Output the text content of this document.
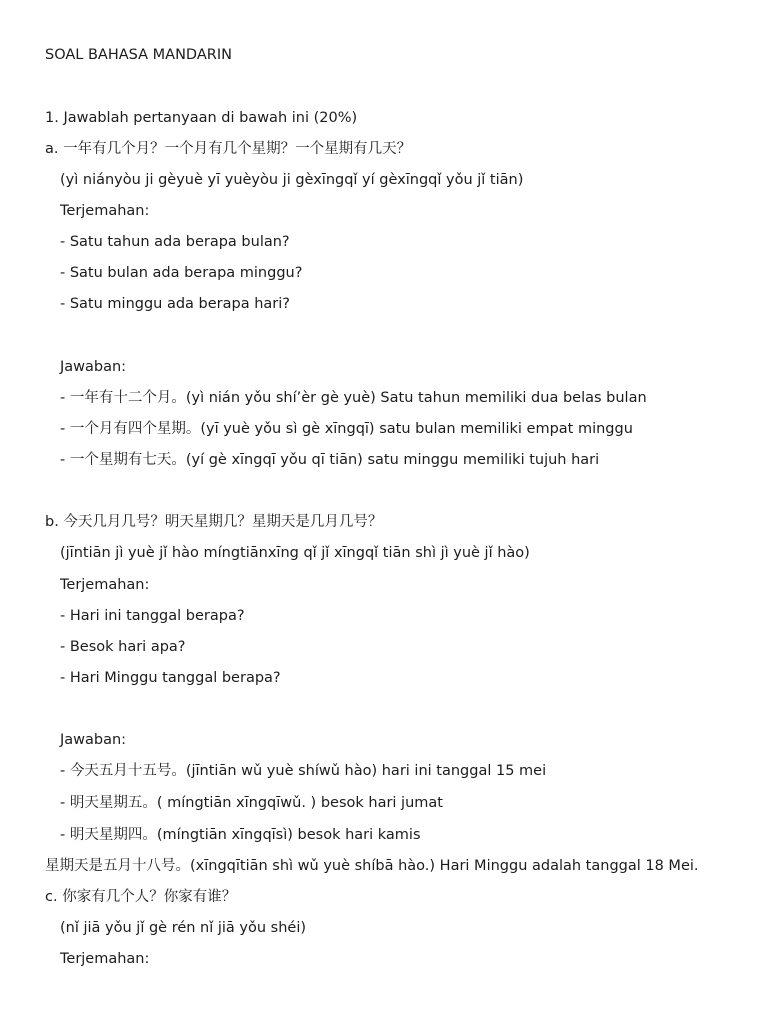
SOAL BAHASA MANDARIN
1. Jawablah pertanyaan di bawah ini (20%)
a. 一年有几个月？一个月有几个星期？一个星期有几天？
(yì niányòu ji gèyuè yī yuèyòu ji gèxīngqǐ yí gèxīngqǐ yǒu jǐ tiān)
Terjemahan:
- Satu tahun ada berapa bulan?
- Satu bulan ada berapa minggu?
- Satu minggu ada berapa hari?
Jawaban:
- 一年有十二个月。(yì nián yǒu shí’èr gè yuè) Satu tahun memiliki dua belas bulan
- 一个月有四个星期。(yī yuè yǒu sì gè xīngqī) satu bulan memiliki empat minggu
- 一个星期有七天。(yí gè xīngqī yǒu qī tiān) satu minggu memiliki tujuh hari
b. 今天几月几号？明天星期几？星期天是几月几号？
(jīntiān jì yuè jǐ hào míngtiānxīng qǐ jǐ xīngqǐ tiān shì jì yuè jǐ hào)
Terjemahan:
- Hari ini tanggal berapa?
- Besok hari apa?
- Hari Minggu tanggal berapa?
Jawaban:
- 今天五月十五号。(jīntiān wǔ yuè shíwǔ hào) hari ini tanggal 15 mei
- 明天星期五。( míngtiān xīngqīwǔ. ) besok hari jumat
- 明天星期四。(míngtiān xīngqīsì) besok hari kamis
星期天是五月十八号。(xīngqītiān shì wǔ yuè shíbā hào.) Hari Minggu adalah tanggal 18 Mei.
c. 你家有几个人？你家有谁？
(nǐ jiā yǒu jǐ gè rén nǐ jiā yǒu shéi)
Terjemahan:
